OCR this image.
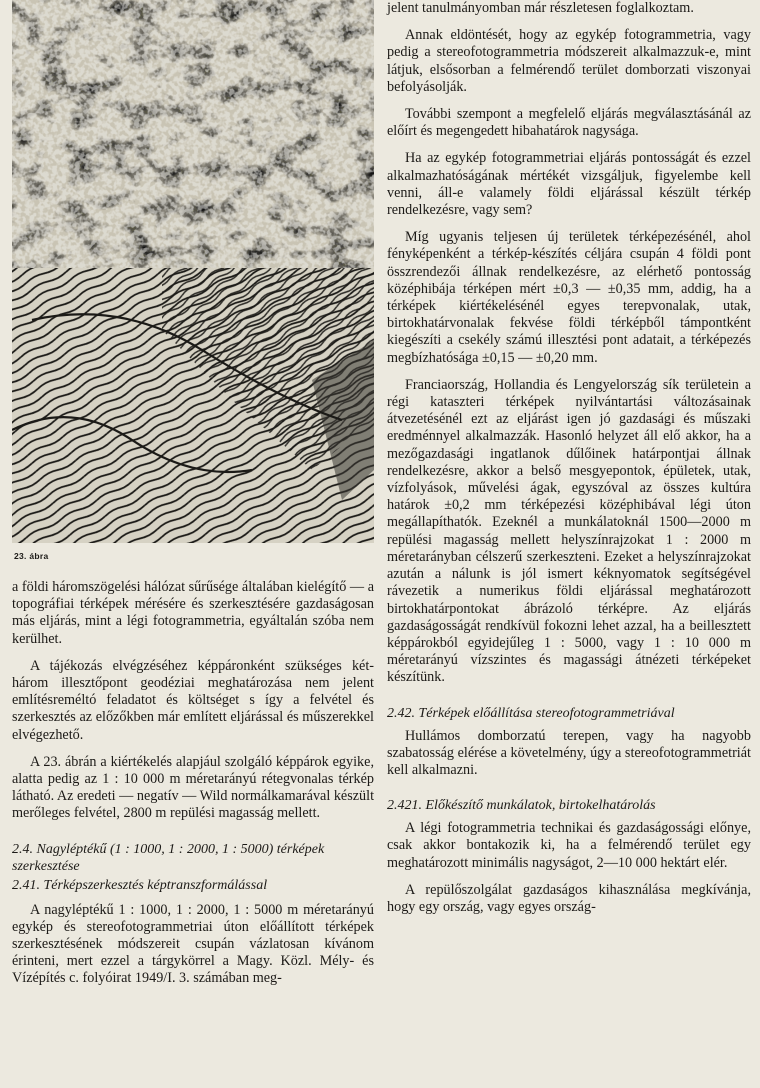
23. ábra

a földi háromszögelési hálózat sűrűsége általában kielégítő — a topográfiai térképek mérésére és szerkesztésére gazdaságosan más eljárás, mint a légi fotogrammetria, egyáltalán szóba nem kerülhet.

A tájékozás elvégzéséhez képpáronként szükséges két-három illesztőpont geodéziai meghatározása nem jelent említésreméltó feladatot és költséget s így a felvétel és szerkesztés az előzőkben már említett eljárással és műszerekkel elvégezhető.

A 23. ábrán a kiértékelés alapjául szolgáló képpárok egyike, alatta pedig az 1 : 10 000 m méretarányú rétegvonalas térkép látható. Az eredeti — negatív — Wild normálkamarával készült merőleges felvétel, 2800 m repülési magasság mellett.

2.4. Nagyléptékű (1 : 1000, 1 : 2000, 1 : 5000) térképek szerkesztése
2.41. Térképszerkesztés képtranszformálással

A nagyléptékű 1 : 1000, 1 : 2000, 1 : 5000 m méretarányú egykép és stereofotogrammetriai úton előállított térképek szerkesztésének módszereit csupán vázlatosan kívánom érinteni, mert ezzel a tárgykörrel a Magy. Közl. Mély- és Vízépítés c. folyóirat 1949/I. 3. számában meg-

jelent tanulmányomban már részletesen foglalkoztam.

Annak eldöntését, hogy az egykép fotogrammetria, vagy pedig a stereofotogrammetria módszereit alkalmazzuk-e, mint látjuk, elsősorban a felmérendő terület domborzati viszonyai befolyásolják.

További szempont a megfelelő eljárás megválasztásánál az előírt és megengedett hibahatárok nagysága.

Ha az egykép fotogrammetriai eljárás pontosságát és ezzel alkalmazhatóságának mértékét vizsgáljuk, figyelembe kell venni, áll-e valamely földi eljárással készült térkép rendelkezésre, vagy sem?

Míg ugyanis teljesen új területek térképezésénél, ahol fényképenként a térkép-készítés céljára csupán 4 földi pont összrendezői állnak rendelkezésre, az elérhető pontosság középhibája térképen mért ±0,3 — ±0,35 mm, addig, ha a térképek kiértékelésénél egyes terepvonalak, utak, birtokhatárvonalak fekvése földi térképből támpontként kiegészíti a csekély számú illesztési pont adatait, a térképezés megbízhatósága ±0,15 — ±0,20 mm.

Franciaország, Hollandia és Lengyelország sík területein a régi kataszteri térképek nyilvántartási változásainak átvezetésénél ezt az eljárást igen jó gazdasági és műszaki eredménnyel alkalmazzák. Hasonló helyzet áll elő akkor, ha a mezőgazdasági ingatlanok dűlőinek határpontjai állnak rendelkezésre, akkor a belső mesgyepontok, épületek, utak, vízfolyások, művelési ágak, egyszóval az összes kultúra határok ±0,2 mm térképezési középhibával légi úton megállapíthatók. Ezeknél a munkálatoknál 1500—2000 m repülési magasság mellett helyszínrajzokat 1 : 2000 m méretarányban célszerű szerkeszteni. Ezeket a helyszínrajzokat azután a nálunk is jól ismert kéknyomatok segítségével rávezetik a numerikus földi eljárással meghatározott birtokhatárpontokat ábrázoló térképre. Az eljárás gazdaságosságát rendkívül fokozni lehet azzal, ha a beillesztett képpárokból egyidejűleg 1 : 5000, vagy 1 : 10 000 m méretarányú vízszintes és magassági átnézeti térképeket készítünk.

2.42. Térképek előállítása stereofotogrammetriával

Hullámos domborzatú terepen, vagy ha nagyobb szabatosság elérése a követelmény, úgy a stereofotogrammetriát kell alkalmazni.

2.421. Előkészítő munkálatok, birtokelhatárolás

A légi fotogrammetria technikai és gazdaságossági előnye, csak akkor bontakozik ki, ha a felmérendő terület egy meghatározott minimális nagyságot, 2—10 000 hektárt elér.

A repülőszolgálat gazdaságos kihasználása megkívánja, hogy egy ország, vagy egyes ország-
